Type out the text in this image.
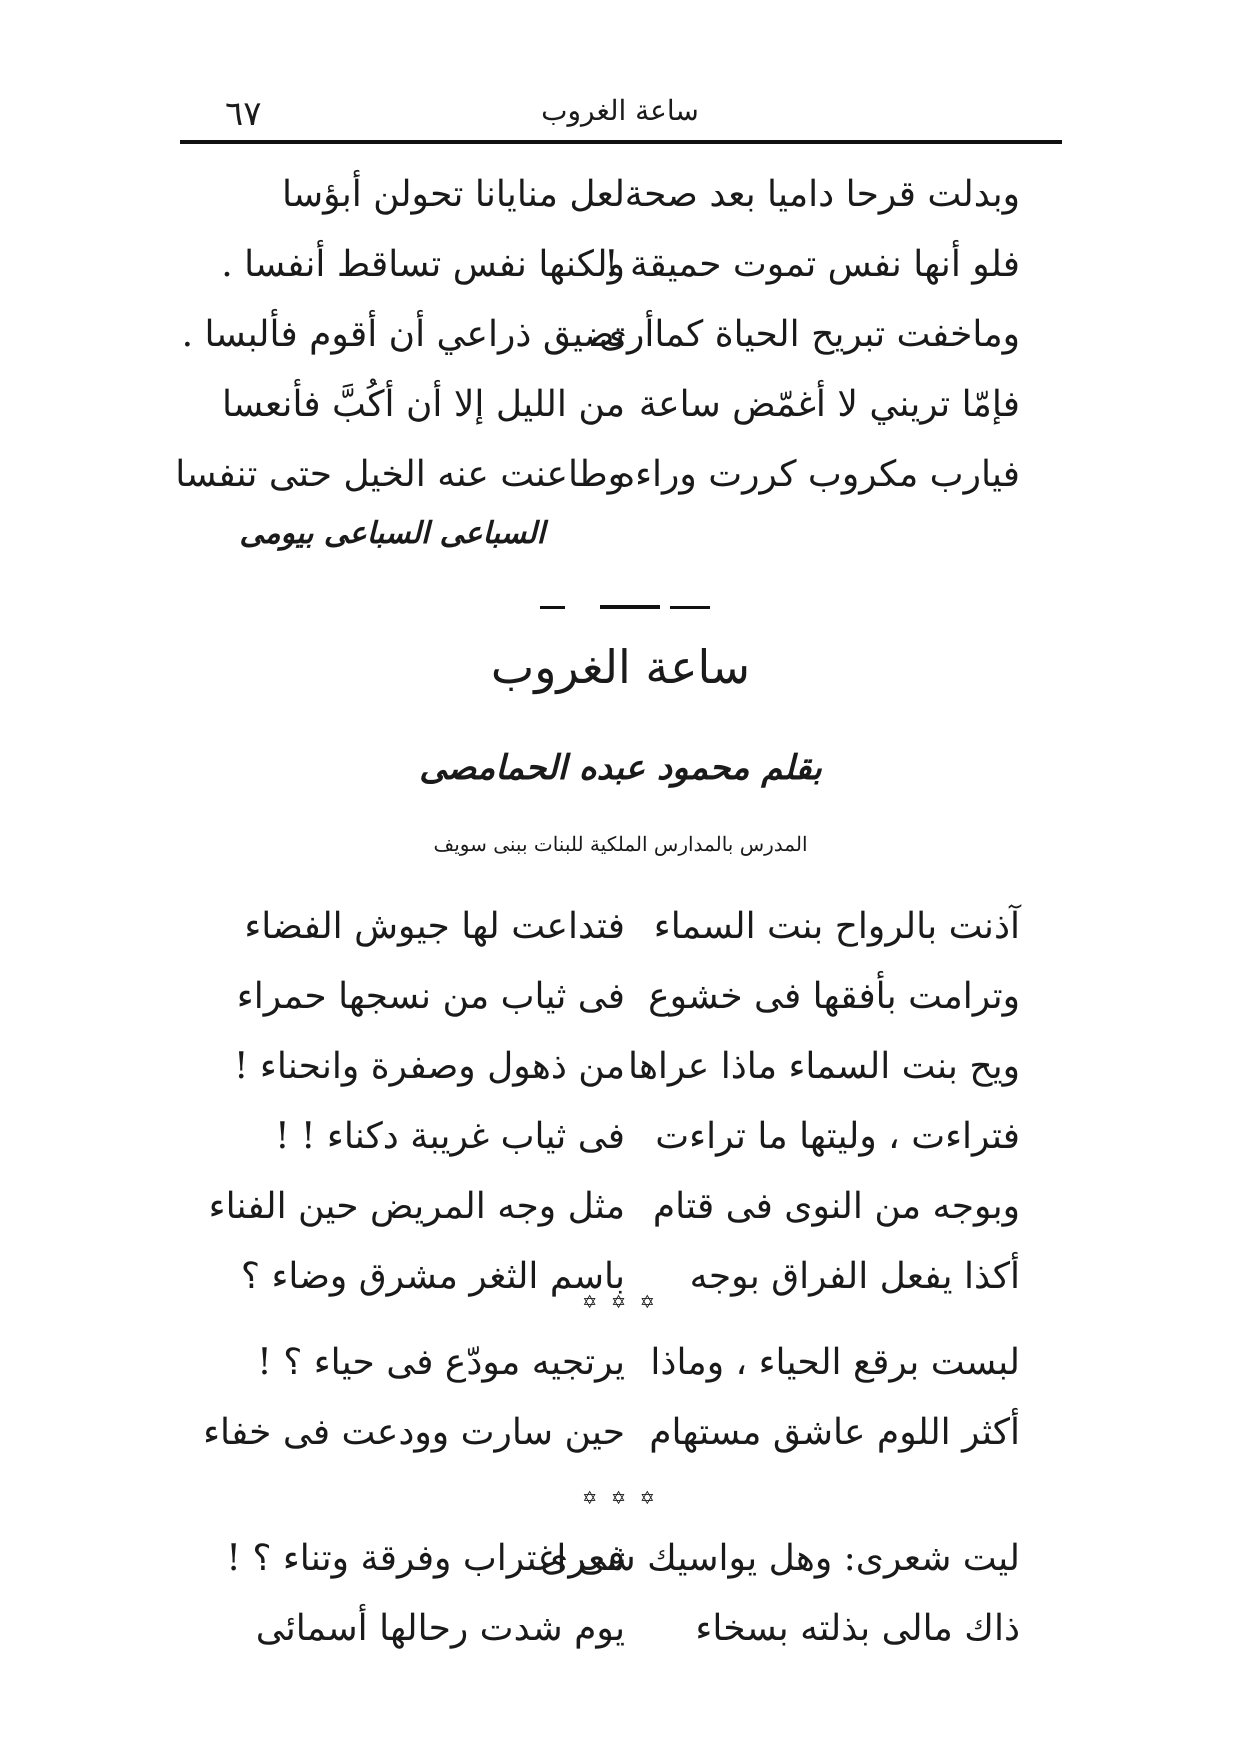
٦٧	ساعة الغروب
وبدلت قرحا داميا بعد صحة
لعل منايانا تحولن أبؤسا
فلو أنها نفس تموت حميقة !
ولكنها نفس تساقط أنفسا .
وماخفت تبريح الحياة كماأرى،
تضيق ذراعي أن أقوم فألبسا .
فإمّا تريني لا أغمّض ساعة
من الليل إلا أن أكُبَّ فأنعسا
فيارب مكروب كررت وراءه
وطاعنت عنه الخيل حتى تنفسا
السباعى السباعى بيومى
ساعة الغروب
بقلم محمود عبده الحمامصى
المدرس بالمدارس الملكية للبنات ببنى سويف
آذنت بالرواح بنت السماء
فتداعت لها جيوش الفضاء
وترامت بأفقها فى خشوع
فى ثياب من نسجها حمراء
ويح بنت السماء ماذا عراها
من ذهول وصفرة وانحناء !
فتراءت ، وليتها ما تراءت
فى ثياب غريبة دكناء ! !
وبوجه من النوى فى قتام
مثل وجه المريض حين الفناء
أكذا يفعل الفراق بوجه
باسم الثغر مشرق وضاء ؟
✡ ✡ ✡
لبست برقع الحياء ، وماذا
يرتجيه مودّع فى حياء ؟ !
أكثر اللوم عاشق مستهام
حين سارت وودعت فى خفاء
✡ ✡ ✡
ليت شعرى: وهل يواسيك شعرى
فى اغتراب وفرقة وتناء ؟ !
ذاك مالى بذلته بسخاء
يوم شدت رحالها أسمائى
